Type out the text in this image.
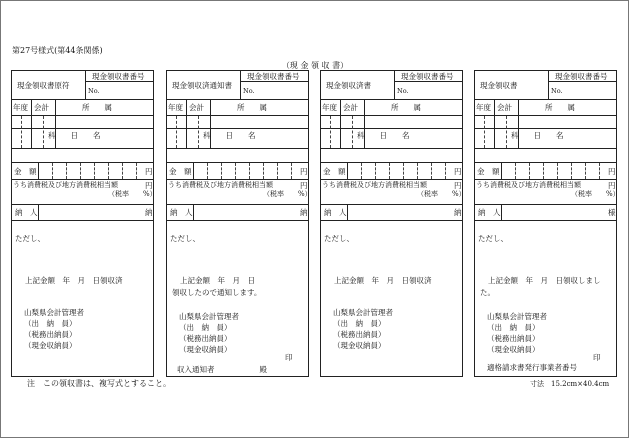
第27号様式(第44条関係)
（現 金 領 収 書）
現金領収書原符
現金領収書番号
No.
年度 会計	所　　属
科　　日　　名
金　額	円
うち消費税及び地方消費税相当額	円
（税率　　%）
納　人	納
ただし、
上記金額　年　月　日領収済
山梨県会計管理者
（出　納　員）
（税務出納員）
（現金収納員）
現金領収済通知書
現金領収書番号
No.
年度 会計	所　　属
科　　日　　名
金　額	円
うち消費税及び地方消費税相当額	円
（税率　　%）
納　人	納
ただし、
上記金額　年　月　日
領収したので通知します。
山梨県会計管理者
（出　納　員）
（税務出納員）
（現金収納員）
印
収入通知者　　　　　　殿
現金領収済書
現金領収書番号
No.
年度 会計	所　　属
科　　日　　名
金　額	円
うち消費税及び地方消費税相当額	円
（税率　　%）
納　人	納
ただし、
上記金額　年　月　日領収済
山梨県会計管理者
（出　納　員）
（税務出納員）
（現金収納員）
現金領収書
現金領収書番号
No.
年度 会計	所　　属
科　　日　　名
金　額	円
うち消費税及び地方消費税相当額	円
（税率　　%）
納　人	様
ただし、
上記金額　年　月　日領収しまし
た。
山梨県会計管理者
（出　納　員）
（税務出納員）
（現金収納員）
印
適格請求書発行事業者番号
注　この領収書は、複写式とすること。	寸法　15.2cm×40.4cm
